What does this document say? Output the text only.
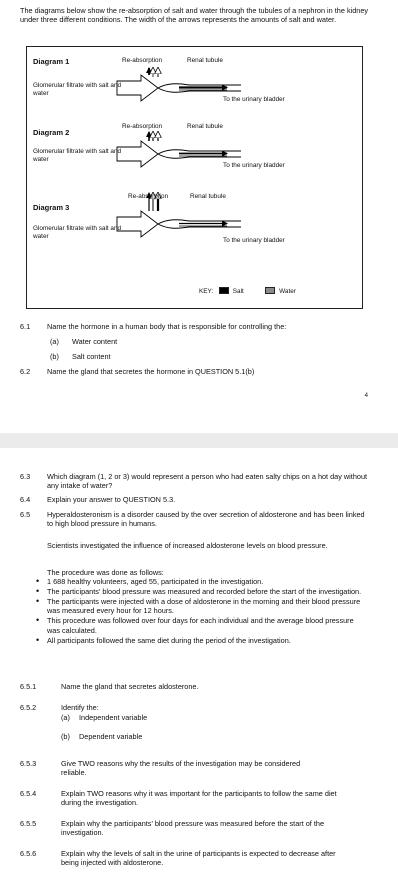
The diagrams below show the re-absorption of salt and water through the tubules of a nephron in the kidney under three different conditions. The width of the arrows represents the amounts of salt and water.
Diagram 1	Re-absorption	Renal tubule
Glomerular filtrate with salt and water
To the urinary bladder
Diagram 2
Re-absorption	Renal tubule
Glomerular filtrate with salt and water
To the urinary bladder
Diagram 3
Re-absorption	Renal tubule
Glomerular filtrate with salt and water
To the urinary bladder
KEY:	Salt	Water
6.1 Name the hormone in a human body that is responsible for controlling the:
(a) Water content
(b) Salt content
6.2 Name the gland that secretes the hormone in QUESTION 5.1(b)
4
6.3 Which diagram (1, 2 or 3) would represent a person who had eaten salty chips on a hot day without any intake of water?
6.4 Explain your answer to QUESTION 5.3.
6.5 Hyperaldosteronism is a disorder caused by the over secretion of aldosterone and has been linked to high blood pressure in humans.
Scientists investigated the influence of increased aldosterone levels on blood pressure.
The procedure was done as follows:
• 1 688 healthy volunteers, aged 55, participated in the investigation.
• The participants' blood pressure was measured and recorded before the start of the investigation.
• The participants were injected with a dose of aldosterone in the morning and their blood pressure was measured every hour for 12 hours.
• This procedure was followed over four days for each individual and the average blood pressure was calculated.
• All participants followed the same diet during the period of the investigation.
6.5.1	Name the gland that secretes aldosterone.
6.5.2	Identify the:
(a) Independent variable
(b) Dependent variable
6.5.3	Give TWO reasons why the results of the investigation may be considered reliable.
6.5.4	Explain TWO reasons why it was important for the participants to follow the same diet during the investigation.
6.5.5	Explain why the participants' blood pressure was measured before the start of the investigation.
6.5.6	Explain why the levels of salt in the urine of participants is expected to decrease after being injected with aldosterone.
